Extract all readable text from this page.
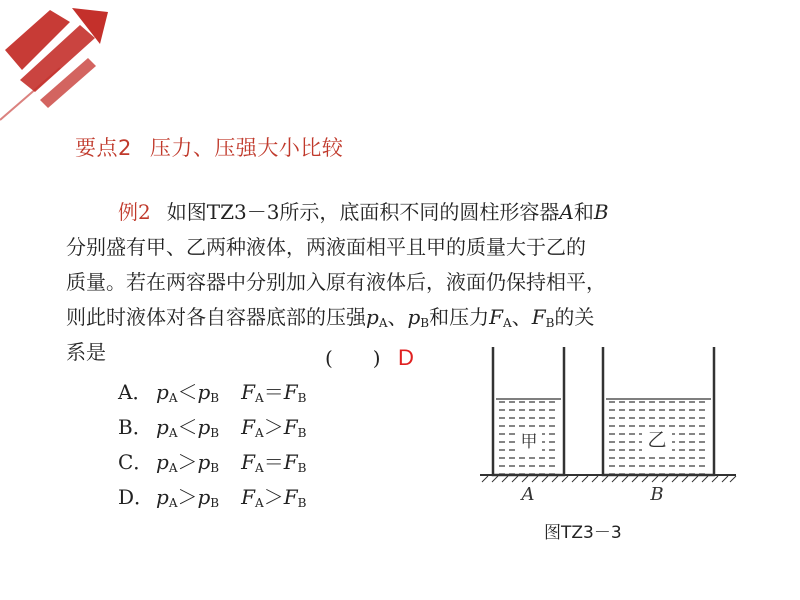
要点2 压力、压强大小比较
例2 如图TZ3－3所示，底面积不同的圆柱形容器A和B
分别盛有甲、乙两种液体，两液面相平且甲的质量大于乙的
质量。若在两容器中分别加入原有液体后，液面仍保持相平，
则此时液体对各自容器底部的压强$p_A$、$p_B$和压力$F_A$、$F_B$的关
系是	(　　) D
A． $p_A<p_B$ $F_A=F_B$
B． $p_A<p_B$ $F_A>F_B$
C． $p_A>p_B$ $F_A=F_B$
D．$p_A>p_B$ $F_A>F_B$
甲	乙
A	B
图TZ3－3
